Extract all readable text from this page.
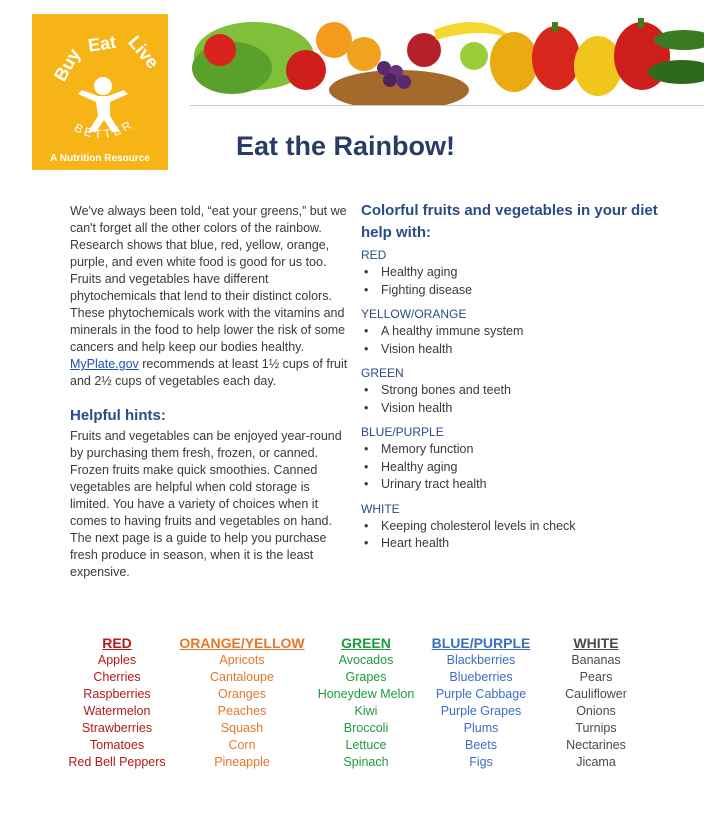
Buy
Eat Live
BETTER
A Nutrition Resource	Eat the Rainbow!

We've always been told, “eat your greens,” but we can't forget all the other colors of the rainbow. Research shows that blue, red, yellow, orange, purple, and even white food is good for us too. Fruits and vegetables have different phytochemicals that lend to their distinct colors. These phytochemicals work with the vitamins and minerals in the food to help lower the risk of some cancers and help keep our bodies healthy. MyPlate.gov recommends at least 1½ cups of fruit and 2½ cups of vegetables each day.

Helpful hints:

Fruits and vegetables can be enjoyed year-round by purchasing them fresh, frozen, or canned. Frozen fruits make quick smoothies. Canned vegetables are helpful when cold storage is limited. You have a variety of choices when it comes to having fruits and vegetables on hand. The next page is a guide to help you purchase fresh produce in season, when it is the least expensive.

Colorful fruits and vegetables in your diet help with:
RED
• Healthy aging
• Fighting disease
YELLOW/ORANGE
• A healthy immune system
• Vision health
GREEN
• Strong bones and teeth
• Vision health
BLUE/PURPLE
• Memory function
• Healthy aging
• Urinary tract health
WHITE
• Keeping cholesterol levels in check
• Heart health
RED
Apples
Cherries
Raspberries
Watermelon
Strawberries
Tomatoes
Red Bell Peppers
ORANGE/YELLOW
Apricots
Cantaloupe
Oranges
Peaches
Squash
Corn
Pineapple
GREEN
Avocados
Grapes
Honeydew Melon
Kiwi
Broccoli
Lettuce
Spinach
BLUE/PURPLE
Blackberries
Blueberries
Purple Cabbage
Purple Grapes
Plums
Beets
Figs
WHITE
Bananas
Pears
Cauliflower
Onions
Turnips
Nectarines
Jicama
